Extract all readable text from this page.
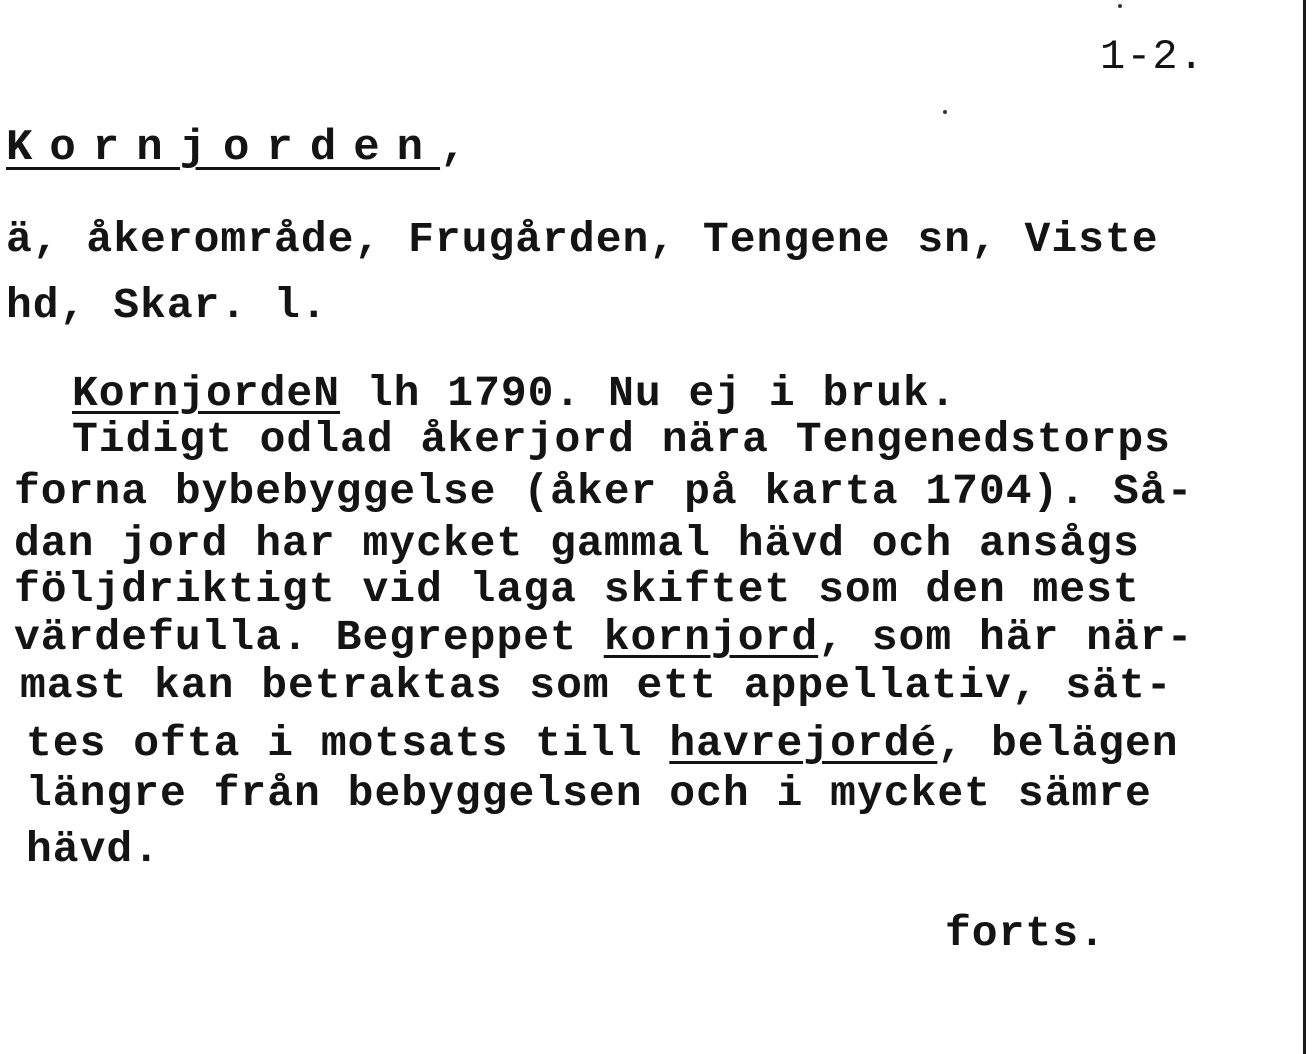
1-2.
Kornjorden,
ä, åkerområde, Frugården, Tengene sn, Viste
hd, Skar. l.
KornjordeN lh 1790. Nu ej i bruk.
Tidigt odlad åkerjord nära Tengenedstorps
forna bybebyggelse (åker på karta 1704). Så-
dan jord har mycket gammal hävd och ansågs
följdriktigt vid laga skiftet som den mest
värdefulla. Begreppet kornjord, som här när-
mast kan betraktas som ett appellativ, sät-
tes ofta i motsats till havrejordé, belägen
längre från bebyggelsen och i mycket sämre
hävd.
forts.
